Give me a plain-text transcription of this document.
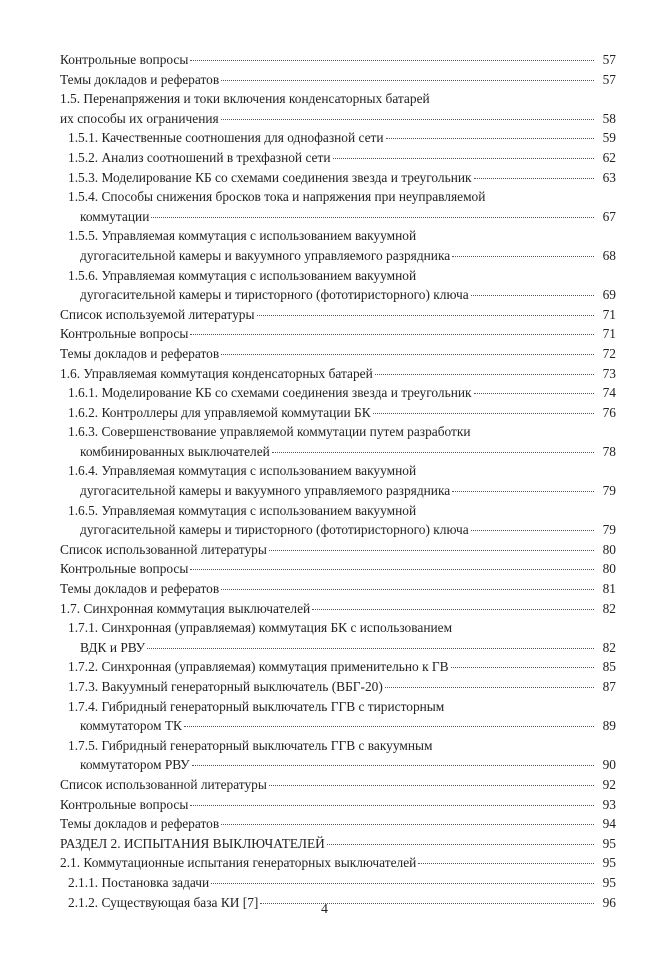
Контрольные вопросы	57
Темы докладов и рефератов	57
1.5. Перенапряжения и токи включения конденсаторных батарей
их способы их ограничения	58
1.5.1. Качественные соотношения для однофазной сети	59
1.5.2. Анализ соотношений в трехфазной сети	62
1.5.3. Моделирование КБ со схемами соединения звезда и треугольник	63
1.5.4. Способы снижения бросков тока и напряжения при неуправляемой
коммутации	67
1.5.5. Управляемая коммутация с использованием вакуумной
дугогасительной камеры и вакуумного управляемого разрядника	68
1.5.6. Управляемая коммутация с использованием вакуумной
дугогасительной камеры и тиристорного (фототиристорного) ключа	69
Список используемой литературы	71
Контрольные вопросы	71
Темы докладов и рефератов	72
1.6. Управляемая коммутация конденсаторных батарей	73
1.6.1. Моделирование КБ со схемами соединения звезда и треугольник	74
1.6.2. Контроллеры для управляемой коммутации БК	76
1.6.3. Совершенствование управляемой коммутации путем разработки
комбинированных выключателей	78
1.6.4. Управляемая коммутация с использованием вакуумной
дугогасительной камеры и вакуумного управляемого разрядника	79
1.6.5. Управляемая коммутация с использованием вакуумной
дугогасительной камеры и тиристорного (фототиристорного) ключа	79
Список использованной литературы	80
Контрольные вопросы	80
Темы докладов и рефератов	81
1.7. Синхронная коммутация выключателей	82
1.7.1. Синхронная (управляемая) коммутация БК с использованием
ВДК и РВУ	82
1.7.2. Синхронная (управляемая) коммутация применительно к ГВ	85
1.7.3. Вакуумный генераторный выключатель (ВБГ-20)	87
1.7.4. Гибридный генераторный выключатель ГГВ с тиристорным
коммутатором ТК	89
1.7.5. Гибридный генераторный выключатель ГГВ с вакуумным
коммутатором РВУ	90
Список использованной литературы	92
Контрольные вопросы	93
Темы докладов и рефератов	94
РАЗДЕЛ 2. ИСПЫТАНИЯ ВЫКЛЮЧАТЕЛЕЙ	95
2.1. Коммутационные испытания генераторных выключателей	95
2.1.1. Постановка задачи	95
2.1.2. Существующая база КИ [7]	96
4
